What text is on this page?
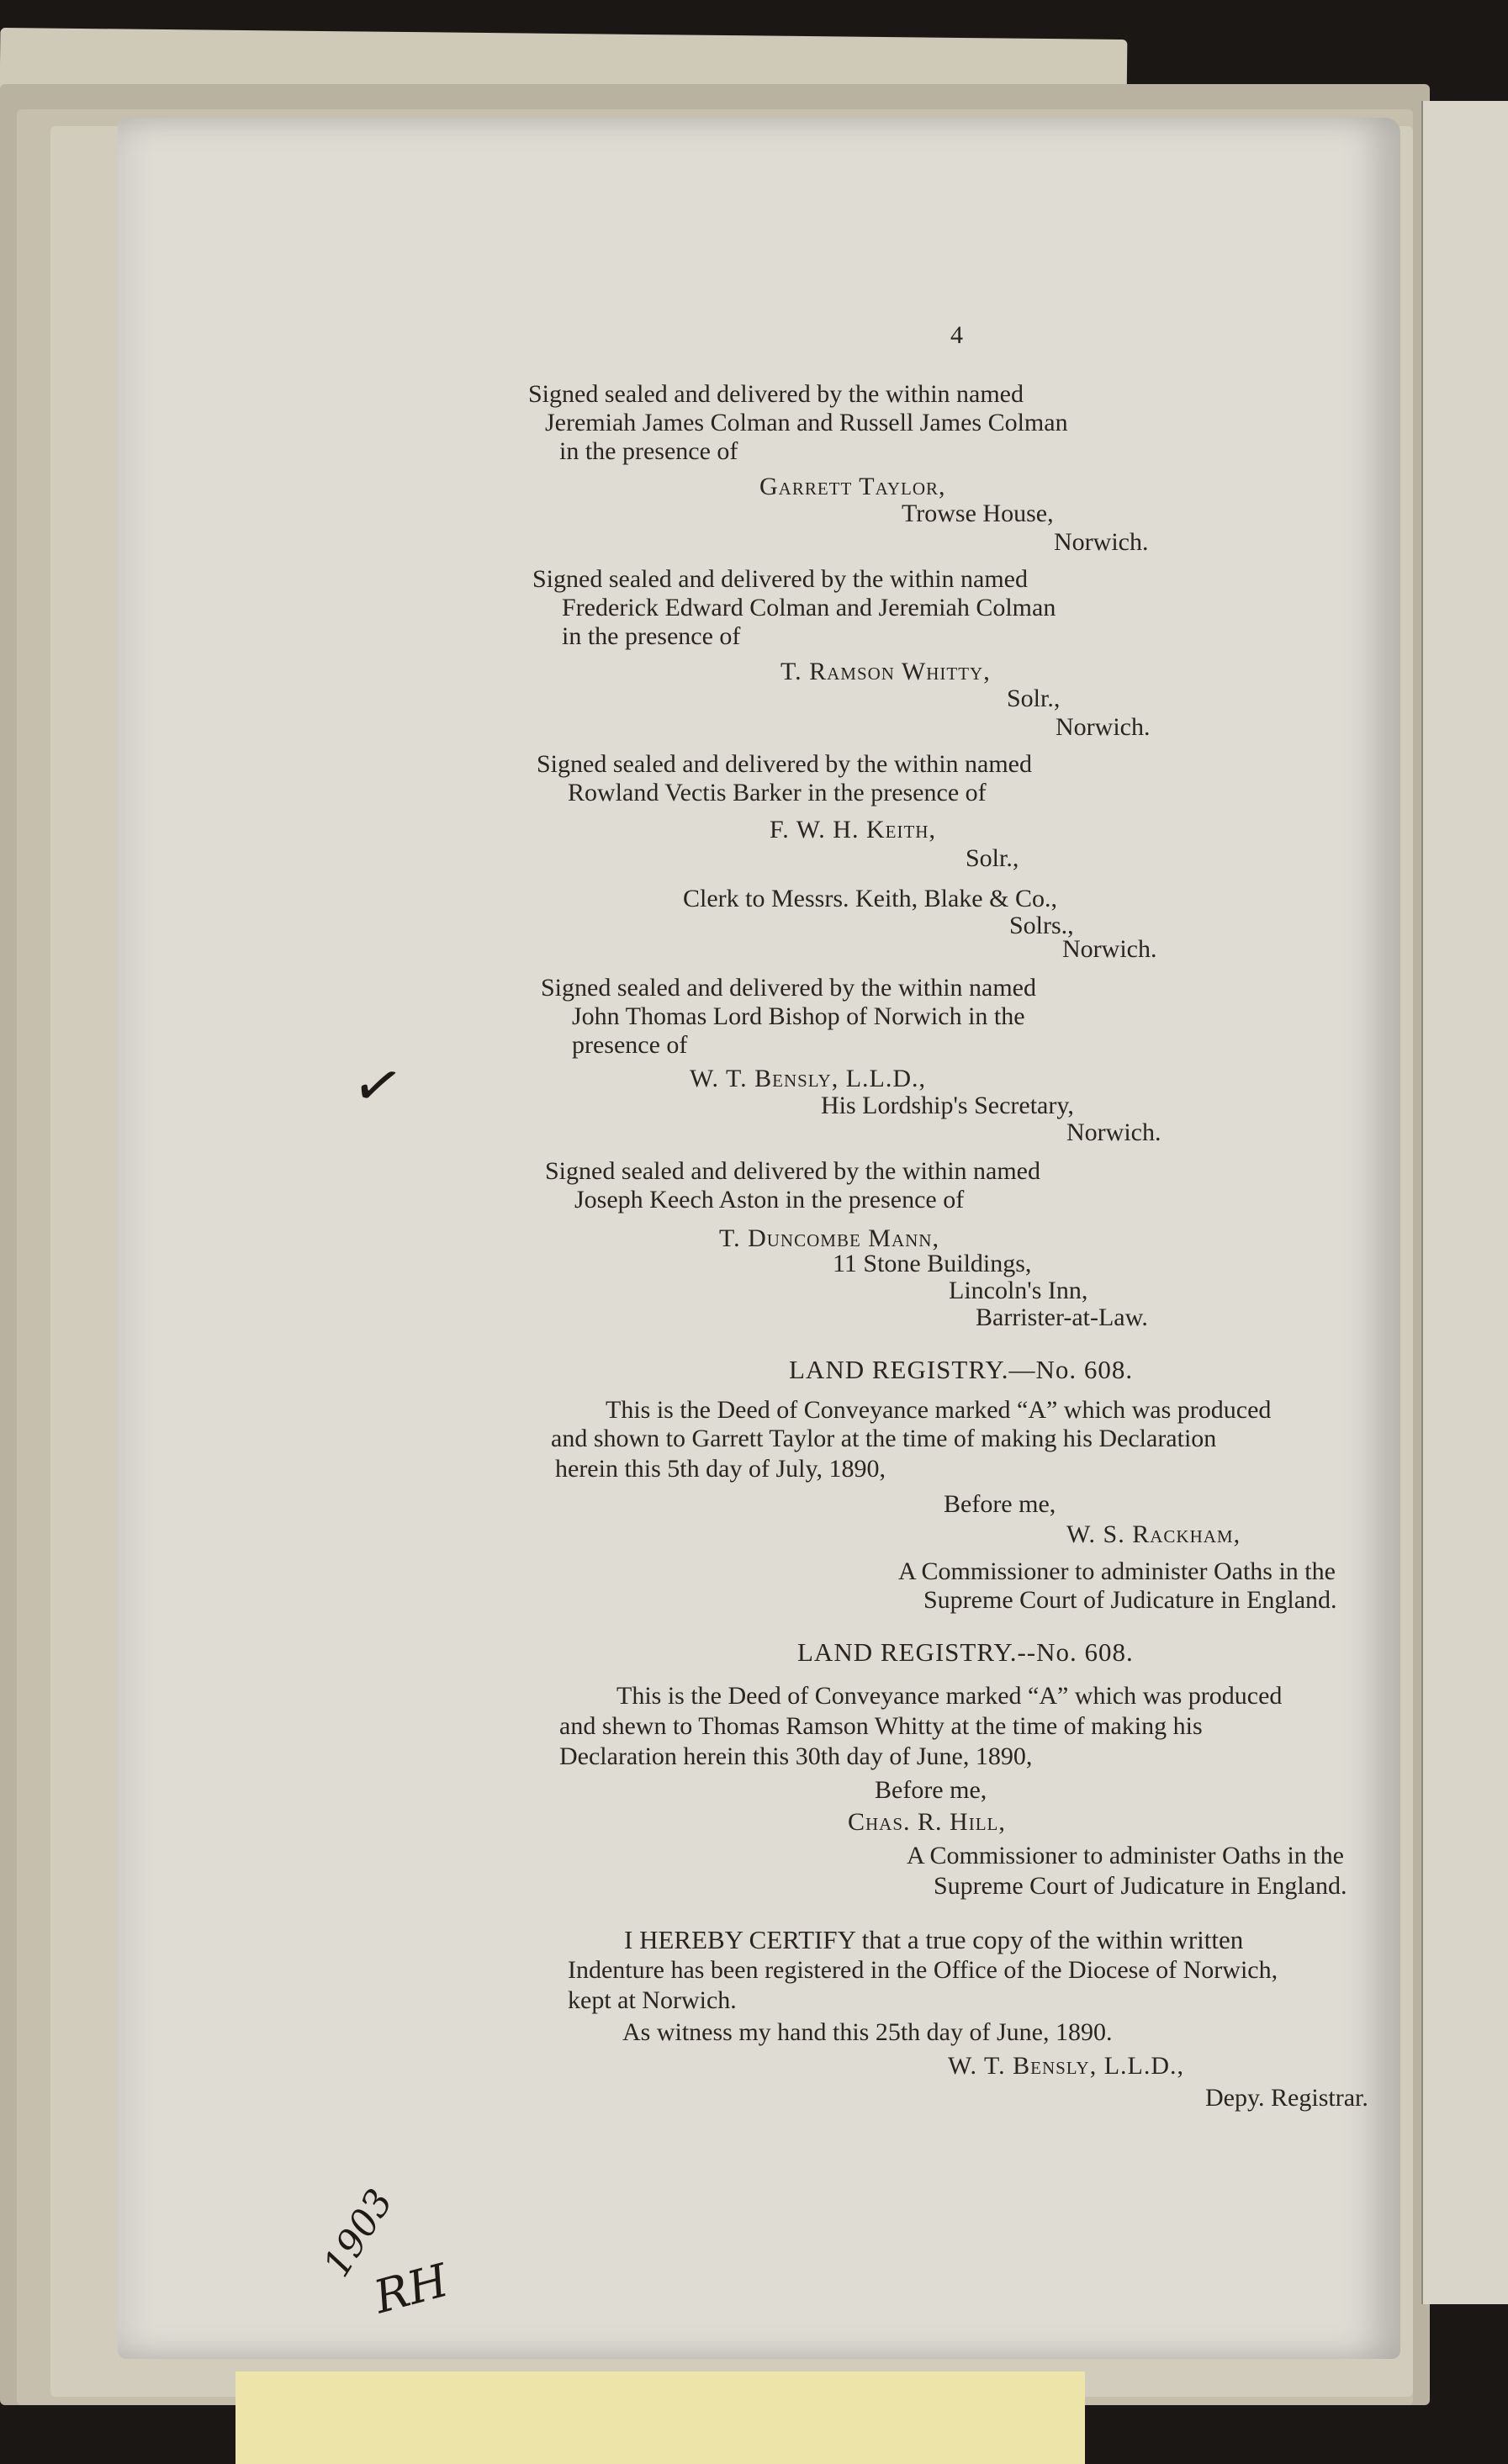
4
Signed sealed and delivered by the within named
Jeremiah James Colman and Russell James Colman
in the presence of
Garrett Taylor,
Trowse House,
Norwich.
Signed sealed and delivered by the within named
Frederick Edward Colman and Jeremiah Colman
in the presence of
T. Ramson Whitty,
Solr.,
Norwich.
Signed sealed and delivered by the within named
Rowland Vectis Barker in the presence of
F. W. H. Keith,
Solr.,
Clerk to Messrs. Keith, Blake & Co.,
Solrs.,
Norwich.
Signed sealed and delivered by the within named
John Thomas Lord Bishop of Norwich in the
presence of
W. T. Bensly, L.L.D.,
His Lordship's Secretary,
Norwich.
Signed sealed and delivered by the within named
Joseph Keech Aston in the presence of
T. Duncombe Mann,
11 Stone Buildings,
Lincoln's Inn,
Barrister-at-Law.
LAND REGISTRY.—No. 608.
This is the Deed of Conveyance marked “A” which was produced
and shown to Garrett Taylor at the time of making his Declaration
herein this 5th day of July, 1890,
Before me,
W. S. Rackham,
A Commissioner to administer Oaths in the
Supreme Court of Judicature in England.
LAND REGISTRY.--No. 608.
This is the Deed of Conveyance marked “A” which was produced
and shewn to Thomas Ramson Whitty at the time of making his
Declaration herein this 30th day of June, 1890,
Before me,
Chas. R. Hill,
A Commissioner to administer Oaths in the
Supreme Court of Judicature in England.
I HEREBY CERTIFY that a true copy of the within written
Indenture has been registered in the Office of the Diocese of Norwich,
kept at Norwich.
As witness my hand this 25th day of June, 1890.
W. T. Bensly, L.L.D.,
Depy. Registrar.
✓
1903
RH
